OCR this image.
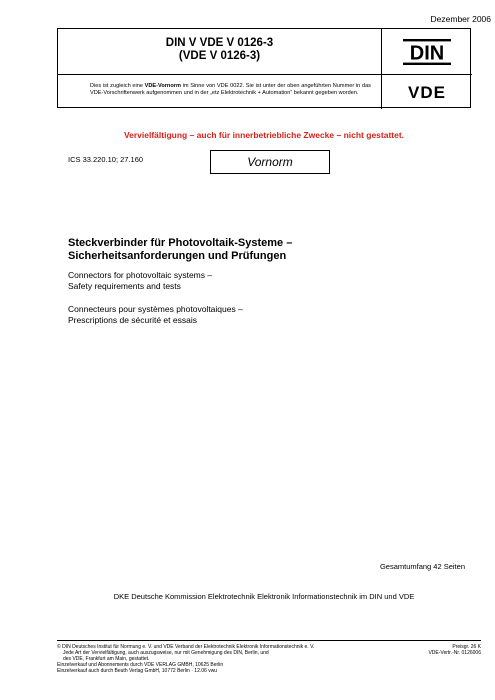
Dezember 2006
DIN V VDE V 0126-3
(VDE V 0126-3)
Dies ist zugleich eine VDE-Vornorm im Sinne von VDE 0022. Sie ist unter der oben angeführten Nummer in das VDE-Vorschriftenwerk aufgenommen und in der „etz Elektrotechnik + Automation“ bekannt gegeben worden.
DIN
VDE
Vervielfältigung – auch für innerbetriebliche Zwecke – nicht gestattet.
ICS 33.220.10; 27.160	Vornorm
Steckverbinder für Photovoltaik-Systeme –
Sicherheitsanforderungen und Prüfungen
Connectors for photovoltaic systems –
Safety requirements and tests
Connecteurs pour systèmes photovoltaiques –
Prescriptions de sécurité et essais
Gesamtumfang 42 Seiten
DKE Deutsche Kommission Elektrotechnik Elektronik Informationstechnik im DIN und VDE
© DIN Deutsches Institut für Normung e. V. und VDE Verband der Elektrotechnik Elektronik Informationstechnik e. V.
Jede Art der Vervielfältigung, auch auszugsweise, nur mit Genehmigung des DIN, Berlin, und
des VDE, Frankfurt am Main, gestattet.
Einzelverkauf und Abonnements durch VDE VERLAG GMBH, 10625 Berlin
Einzelverkauf auch durch Beuth Verlag GmbH, 10772 Berlin · 12.06 vwu
Preisgr. 26 K
VDE-Vertr.-Nr. 0126006
